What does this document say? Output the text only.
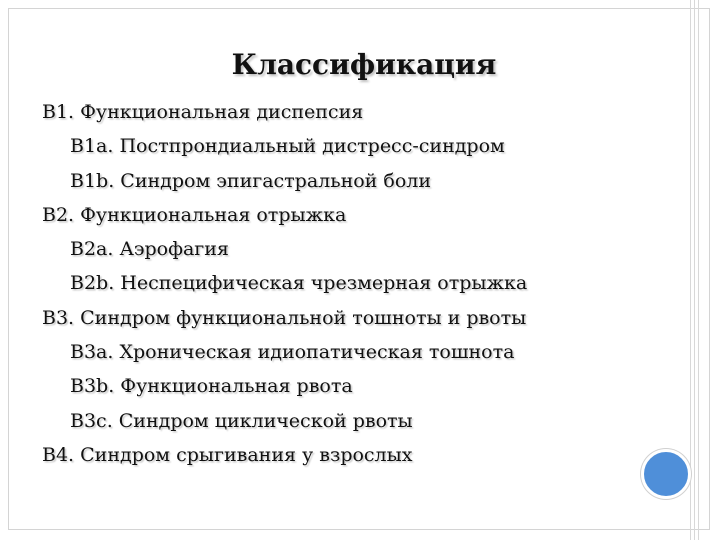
Классификация
B1. Функциональная диспепсия
B1a. Постпрондиальный дистресс-синдром
B1b. Синдром эпигастральной боли
B2. Функциональная отрыжка
B2a. Аэрофагия
B2b. Неспецифическая чрезмерная отрыжка
B3. Синдром функциональной тошноты и рвоты
B3a. Хроническая идиопатическая тошнота
B3b. Функциональная рвота
B3c. Синдром циклической рвоты
B4. Синдром срыгивания у взрослых
